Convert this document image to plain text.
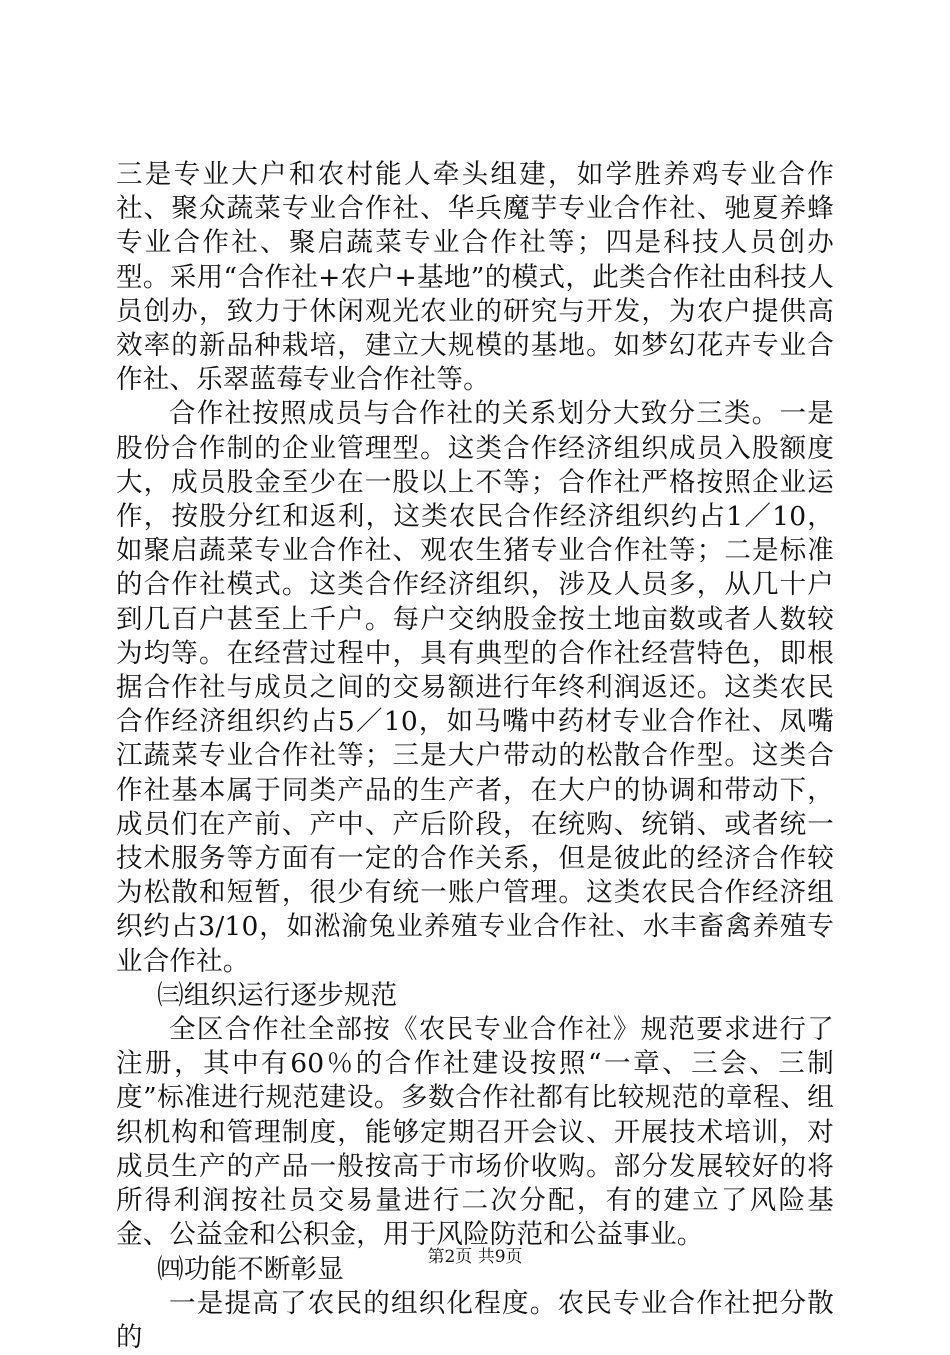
三是专业大户和农村能人牵头组建，如学胜养鸡专业合作社、聚众蔬菜专业合作社、华兵魔芋专业合作社、驰夏养蜂专业合作社、聚启蔬菜专业合作社等；四是科技人员创办型。采用“合作社+农户+基地”的模式，此类合作社由科技人员创办，致力于休闲观光农业的研究与开发，为农户提供高效率的新品种栽培，建立大规模的基地。如梦幻花卉专业合作社、乐翠蓝莓专业合作社等。

合作社按照成员与合作社的关系划分大致分三类。一是股份合作制的企业管理型。这类合作经济组织成员入股额度大，成员股金至少在一股以上不等；合作社严格按照企业运作，按股分红和返利，这类农民合作经济组织约占1／10，如聚启蔬菜专业合作社、观农生猪专业合作社等；二是标准的合作社模式。这类合作经济组织，涉及人员多，从几十户到几百户甚至上千户。每户交纳股金按土地亩数或者人数较为均等。在经营过程中，具有典型的合作社经营特色，即根据合作社与成员之间的交易额进行年终利润返还。这类农民合作经济组织约占5／10，如马嘴中药材专业合作社、凤嘴江蔬菜专业合作社等；三是大户带动的松散合作型。这类合作社基本属于同类产品的生产者，在大户的协调和带动下，成员们在产前、产中、产后阶段，在统购、统销、或者统一技术服务等方面有一定的合作关系，但是彼此的经济合作较为松散和短暂，很少有统一账户管理。这类农民合作经济组织约占3/10，如淞渝兔业养殖专业合作社、水丰畜禽养殖专业合作社。

㈢组织运行逐步规范

全区合作社全部按《农民专业合作社》规范要求进行了注册，其中有60％的合作社建设按照“一章、三会、三制度”标准进行规范建设。多数合作社都有比较规范的章程、组织机构和管理制度，能够定期召开会议、开展技术培训，对成员生产的产品一般按高于市场价收购。部分发展较好的将所得利润按社员交易量进行二次分配，有的建立了风险基金、公益金和公积金，用于风险防范和公益事业。

㈣功能不断彰显

一是提高了农民的组织化程度。农民专业合作社把分散的

第2页 共9页
